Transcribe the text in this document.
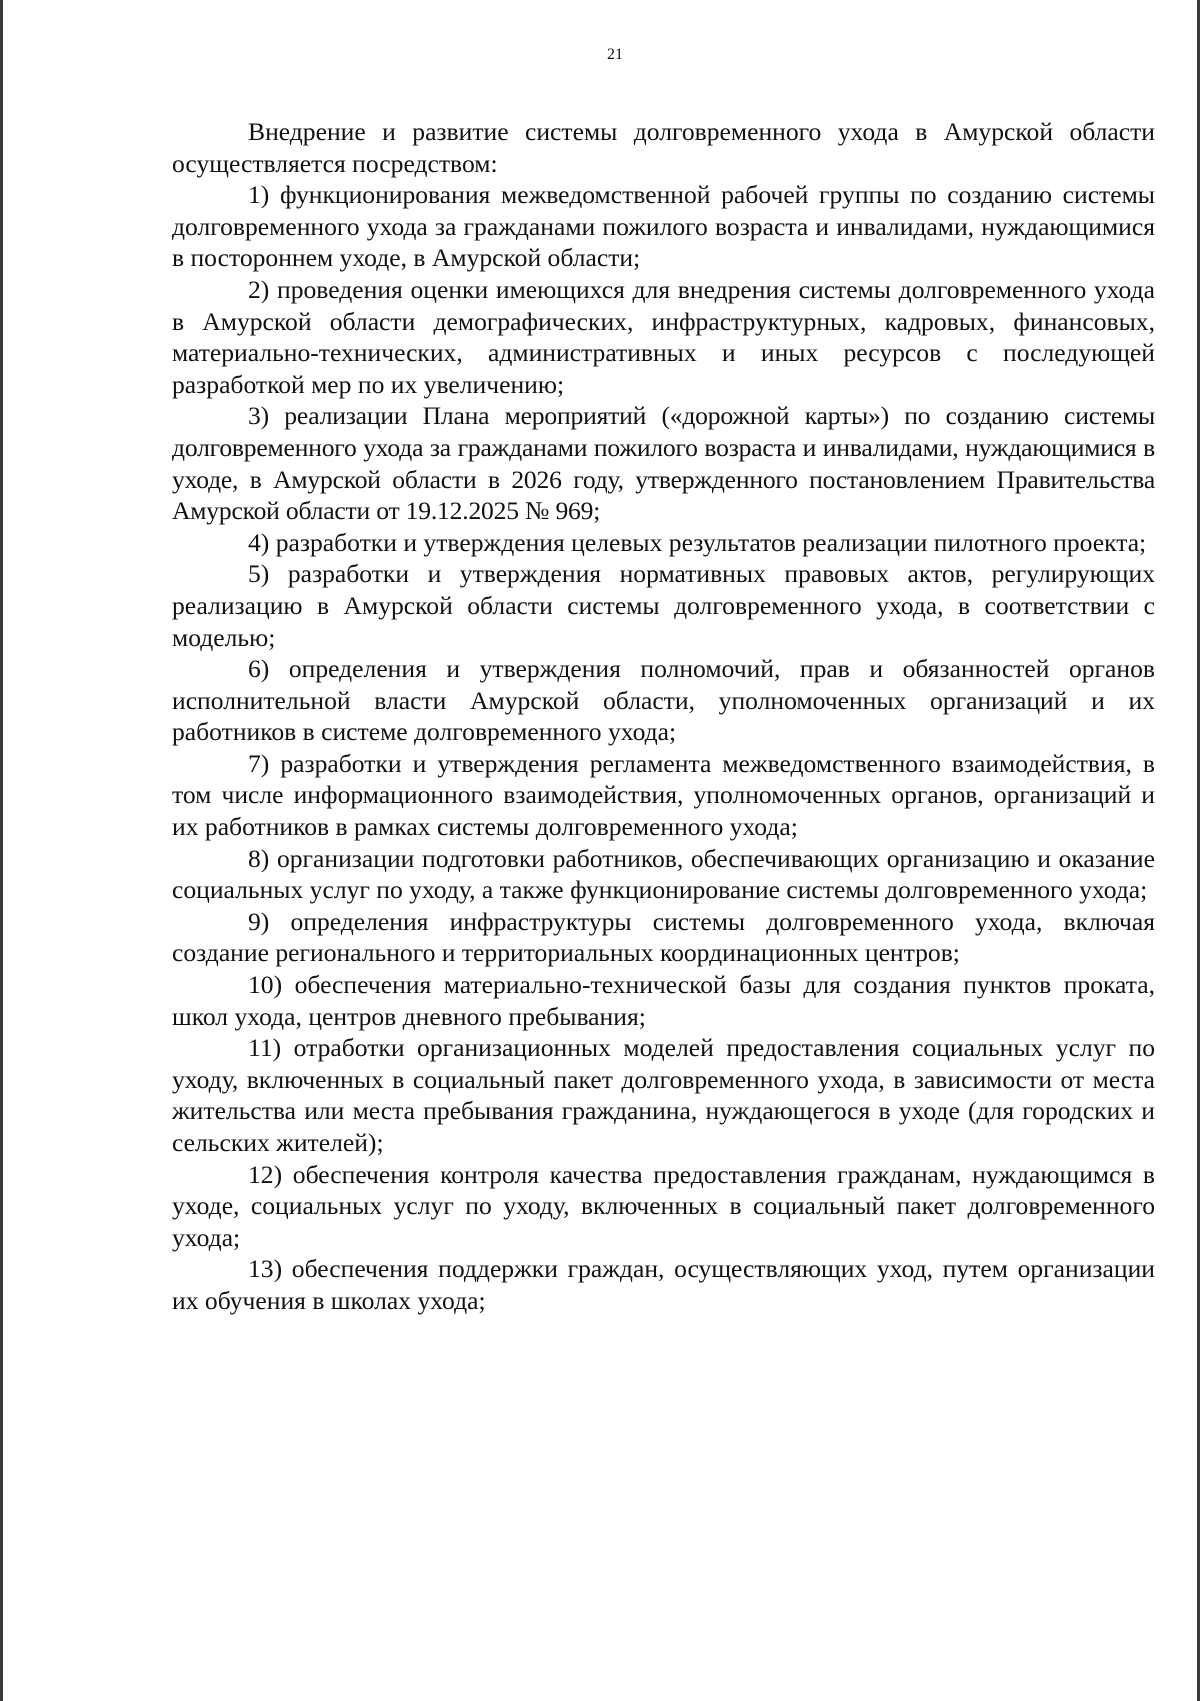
21

Внедрение и развитие системы долговременного ухода в Амурской области осуществляется посредством:

1) функционирования межведомственной рабочей группы по созданию системы долговременного ухода за гражданами пожилого возраста и инвалидами, нуждающимися в постороннем уходе, в Амурской области;

2) проведения оценки имеющихся для внедрения системы долговременного ухода в Амурской области демографических, инфраструктурных, кадровых, финансовых, материально-технических, административных и иных ресурсов с последующей разработкой мер по их увеличению;

3) реализации Плана мероприятий («дорожной карты») по созданию системы долговременного ухода за гражданами пожилого возраста и инвалидами, нуждающимися в уходе, в Амурской области в 2026 году, утвержденного постановлением Правительства Амурской области от 19.12.2025 № 969;

4) разработки и утверждения целевых результатов реализации пилотного проекта;

5) разработки и утверждения нормативных правовых актов, регулирующих реализацию в Амурской области системы долговременного ухода, в соответствии с моделью;

6) определения и утверждения полномочий, прав и обязанностей органов исполнительной власти Амурской области, уполномоченных организаций и их работников в системе долговременного ухода;

7) разработки и утверждения регламента межведомственного взаимодействия, в том числе информационного взаимодействия, уполномоченных органов, организаций и их работников в рамках системы долговременного ухода;

8) организации подготовки работников, обеспечивающих организацию и оказание социальных услуг по уходу, а также функционирование системы долговременного ухода;

9) определения инфраструктуры системы долговременного ухода, включая создание регионального и территориальных координационных центров;

10) обеспечения материально-технической базы для создания пунктов проката, школ ухода, центров дневного пребывания;

11) отработки организационных моделей предоставления социальных услуг по уходу, включенных в социальный пакет долговременного ухода, в зависимости от места жительства или места пребывания гражданина, нуждающегося в уходе (для городских и сельских жителей);

12) обеспечения контроля качества предоставления гражданам, нуждающимся в уходе, социальных услуг по уходу, включенных в социальный пакет долговременного ухода;

13) обеспечения поддержки граждан, осуществляющих уход, путем организации их обучения в школах ухода;
